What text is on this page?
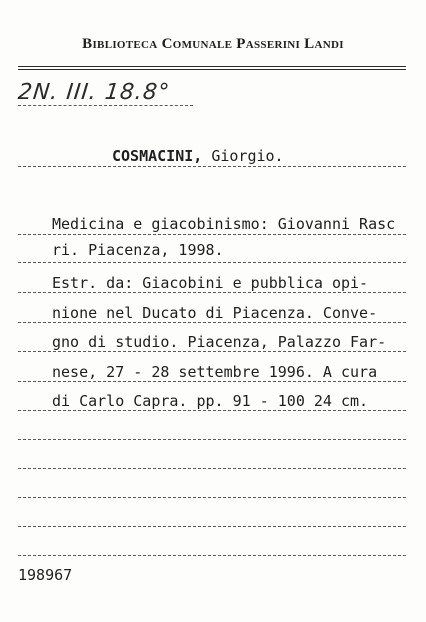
Biblioteca Comunale Passerini Landi
2N. III. 18.8°
COSMACINI, Giorgio.
Medicina e giacobinismo: Giovanni Rasc
ri. Piacenza, 1998.
Estr. da: Giacobini e pubblica opi-
nione nel Ducato di Piacenza. Conve-
gno di studio. Piacenza, Palazzo Far-
nese, 27 - 28 settembre 1996. A cura
di Carlo Capra. pp. 91 - 100 24 cm.
198967
